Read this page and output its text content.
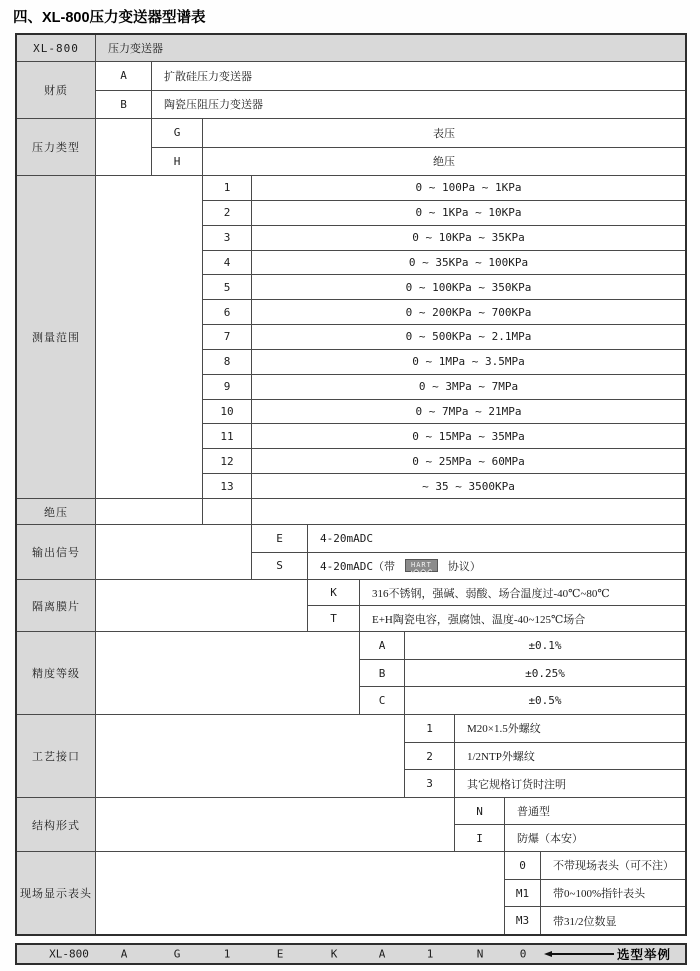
四、XL-800压力变送器型谱表
XL-800	压力变送器
财质
A	扩散硅压力变送器
B	陶瓷压阻压力变送器
压力类型
G	表压
H	绝压
测量范围
1	0 ~ 100Pa ~ 1KPa
2	0 ~ 1KPa ~ 10KPa
3	0 ~ 10KPa ~ 35KPa
4	0 ~ 35KPa ~ 100KPa
5	0 ~ 100KPa ~ 350KPa
6	0 ~ 200KPa ~ 700KPa
7	0 ~ 500KPa ~ 2.1MPa
8	0 ~ 1MPa ~ 3.5MPa
9	0 ~ 3MPa ~ 7MPa
10	0 ~ 7MPa ~ 21MPa
11	0 ~ 15MPa ~ 35MPa
12	0 ~ 25MPa ~ 60MPa
13	~ 35 ~ 3500KPa
绝压
输出信号
E	4-20mADC
S	4-20mADC（带	HART	协议）
隔离膜片
K	316不锈钢，强碱、弱酸、场合温度过-40℃~80℃
T	E+H陶瓷电容，强腐蚀、温度-40~125℃场合
精度等级
A	±0.1%
B	±0.25%
C	±0.5%
工艺接口
1	M20×1.5外螺纹
2	1/2NTP外螺纹
3	其它规格订货时注明
结构形式
N	普通型
I	防爆（本安）
现场显示表头
0	不带现场表头（可不注）
M1	带0~100%指针表头
M3	带31/2位数显
XL-800	A	G	1	E	K	A	1	N	0	选型举例
